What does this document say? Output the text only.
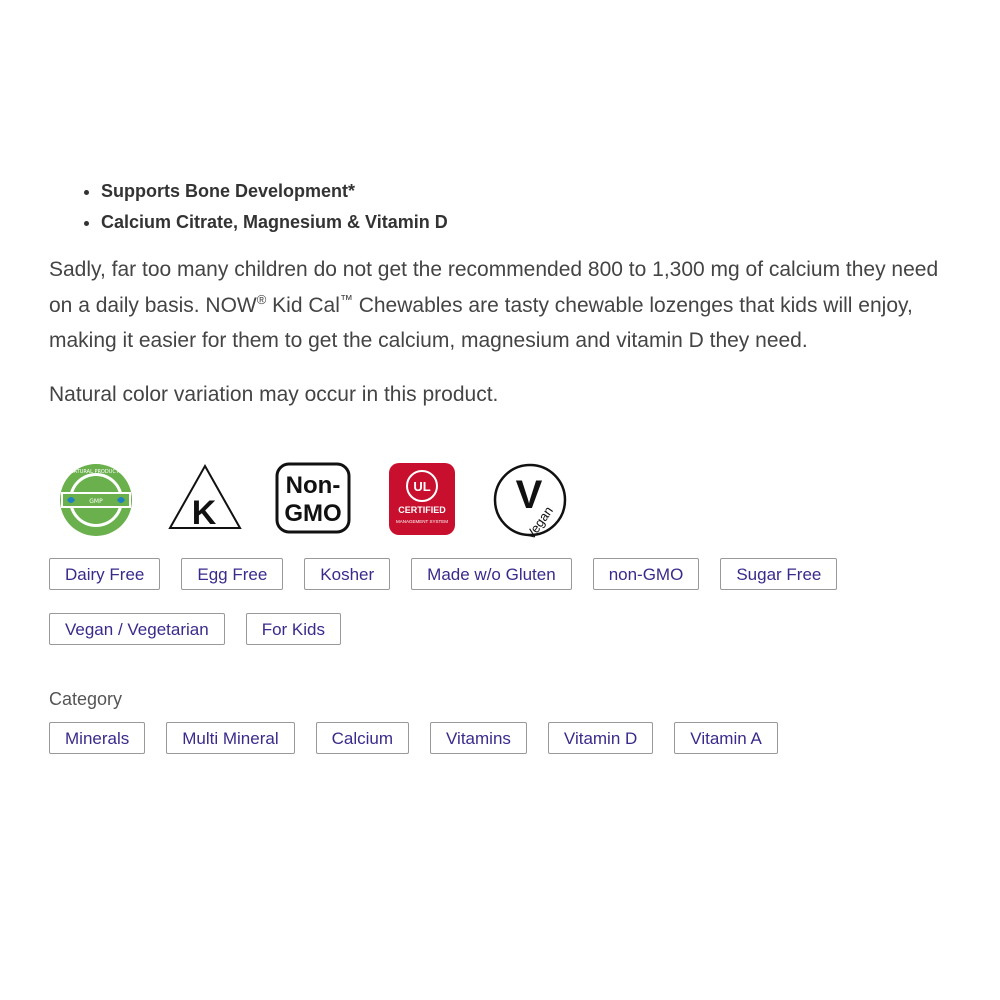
• Supports Bone Development*
• Calcium Citrate, Magnesium & Vitamin D

Sadly, far too many children do not get the recommended 800 to 1,300 mg of calcium they need on a daily basis. NOW® Kid Cal™ Chewables are tasty chewable lozenges that kids will enjoy, making it easier for them to get the calcium, magnesium and vitamin D they need.

Natural color variation may occur in this product.

GMP
NATURAL PRODUCTS
K
Non-
GMO
UL
CERTIFIED
MANAGEMENT SYSTEM
V
Vegan
Dairy Free	Egg Free	Kosher	Made w/o Gluten	non-GMO	Sugar Free
Vegan / Vegetarian	For Kids
Category
Minerals	Multi Mineral	Calcium	Vitamins	Vitamin D	Vitamin A
